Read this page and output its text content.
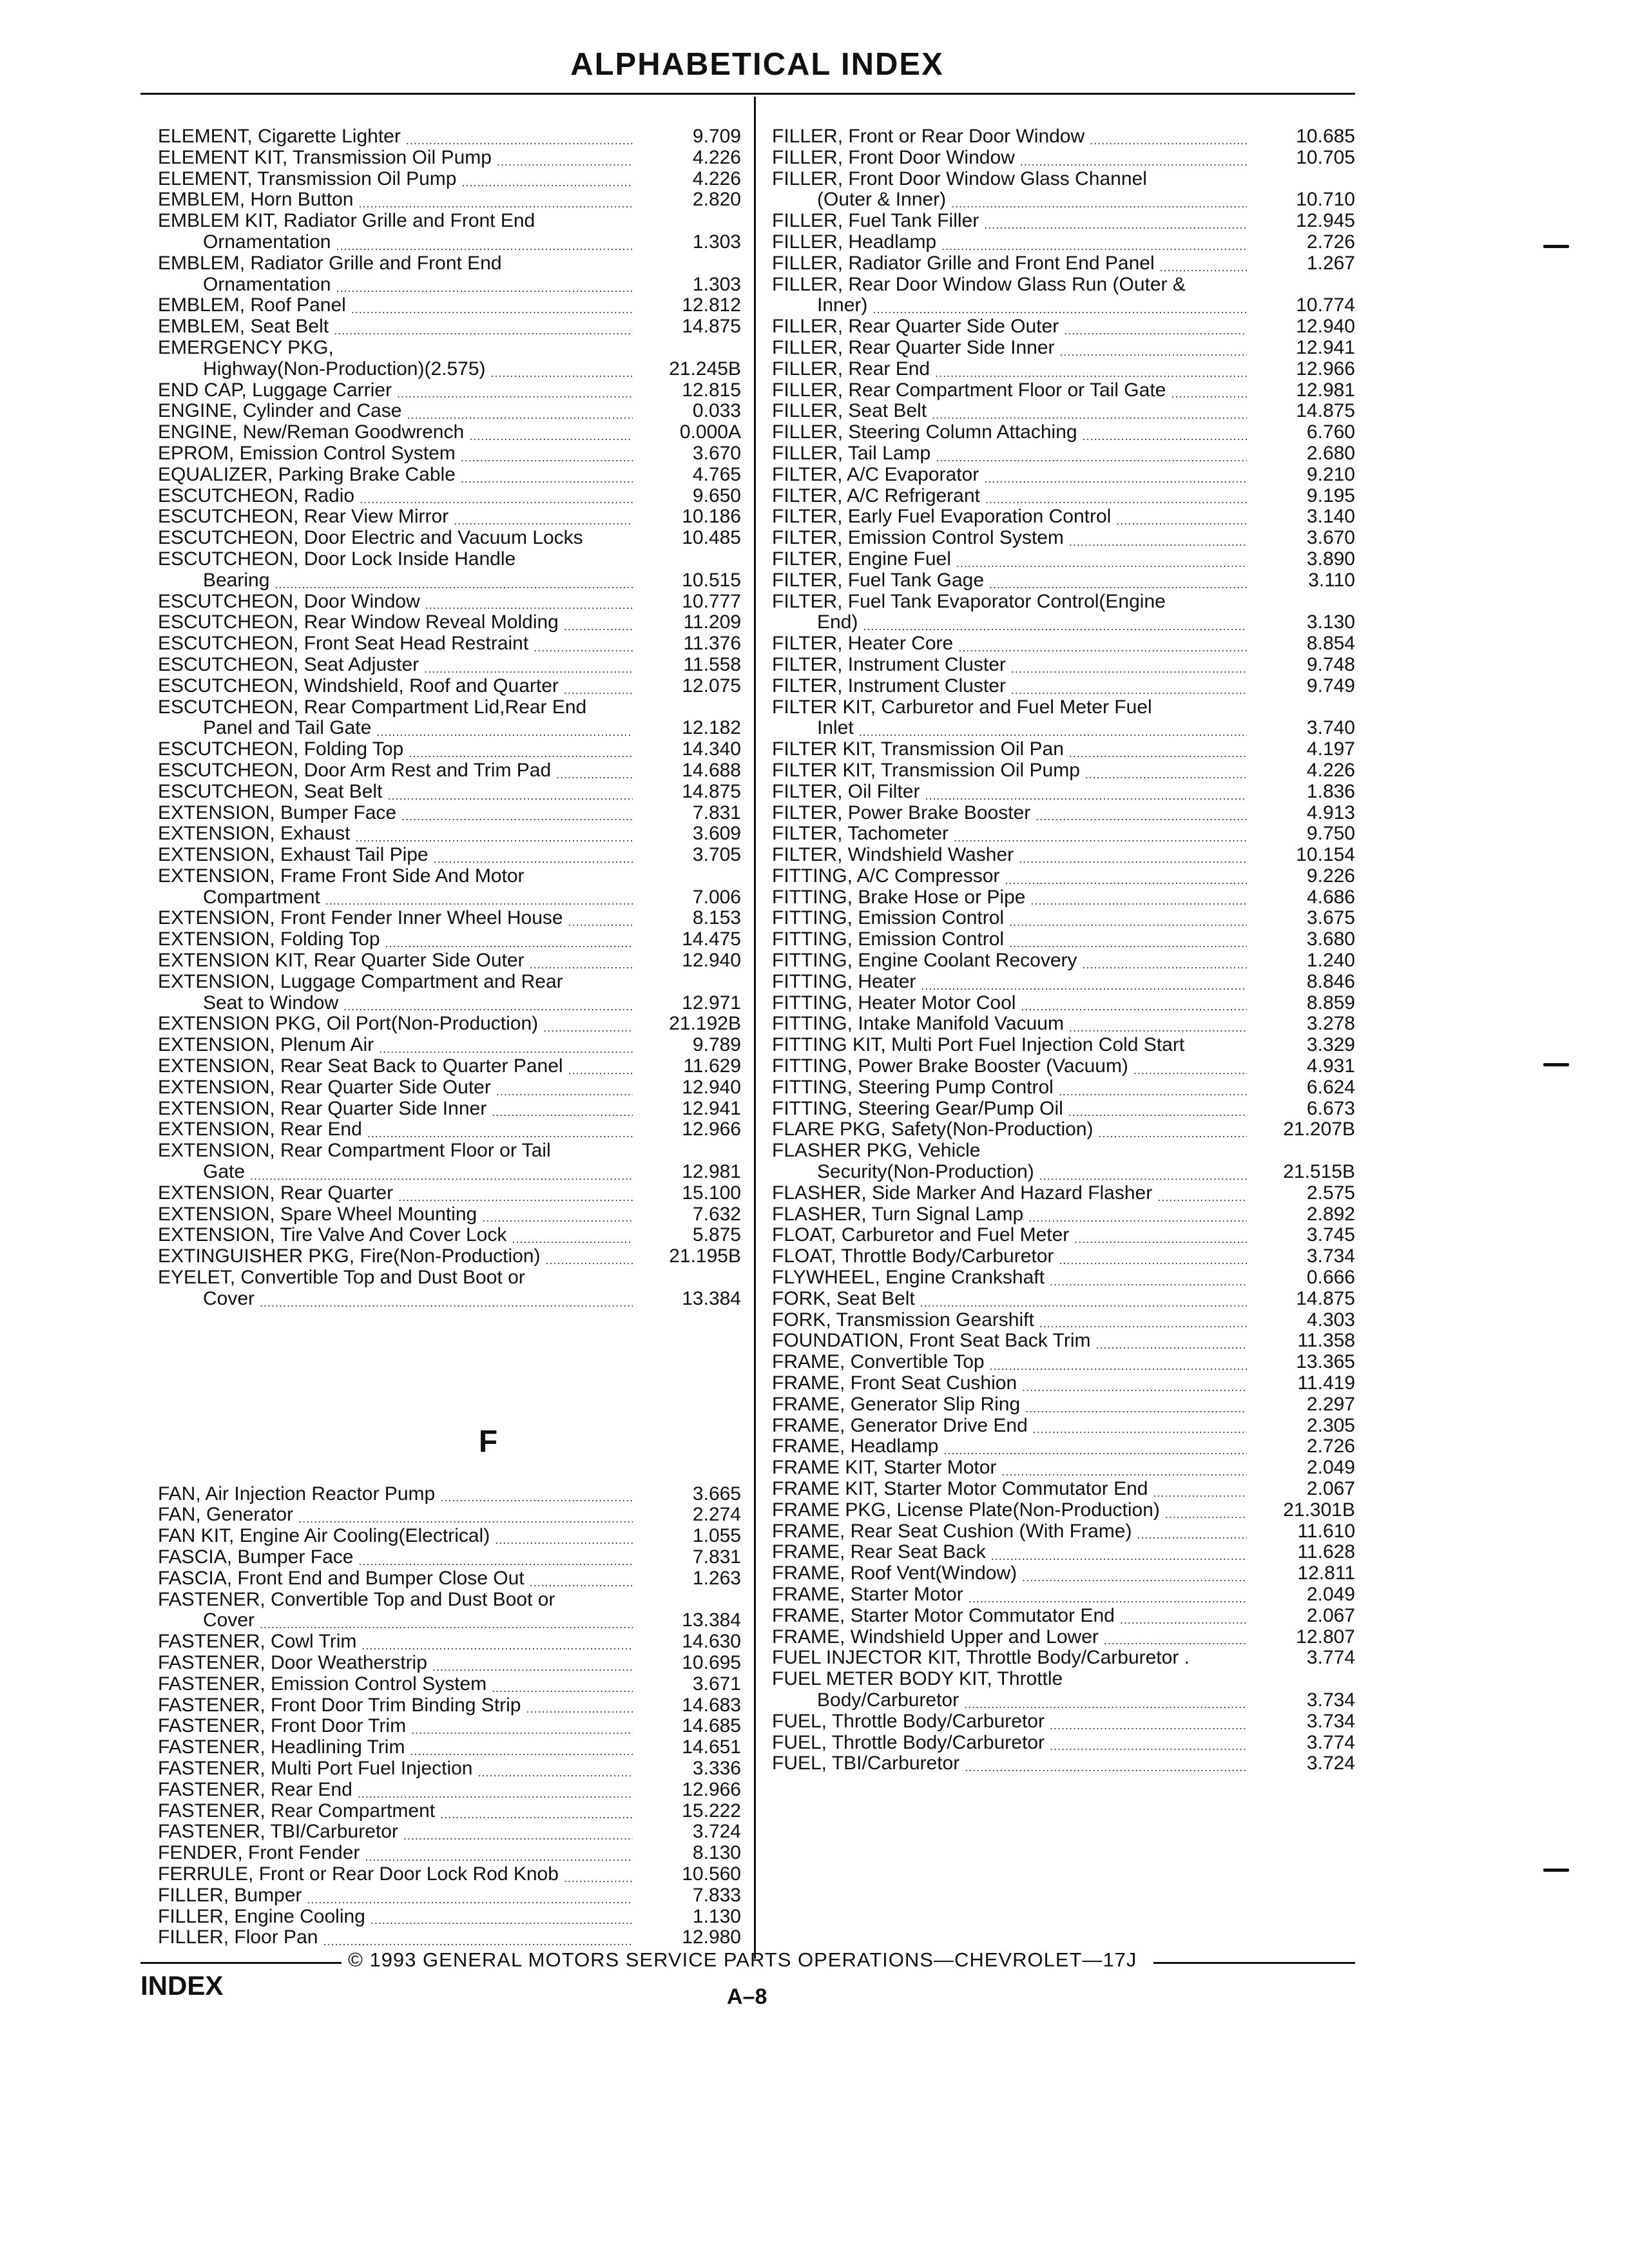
ALPHABETICAL INDEX
ELEMENT, Cigarette Lighter .....	9.709
ELEMENT KIT, Transmission Oil Pump .....	4.226
ELEMENT, Transmission Oil Pump .....	4.226
EMBLEM, Horn Button .....	2.820
EMBLEM KIT, Radiator Grille and Front End
Ornamentation .....	1.303
EMBLEM, Radiator Grille and Front End
Ornamentation .....	1.303
EMBLEM, Roof Panel .....	12.812
EMBLEM, Seat Belt .....	14.875
EMERGENCY PKG,
Highway(Non-Production)(2.575) .....	21.245B
END CAP, Luggage Carrier .....	12.815
ENGINE, Cylinder and Case .....	0.033
ENGINE, New/Reman Goodwrench .....	0.000A
EPROM, Emission Control System .....	3.670
EQUALIZER, Parking Brake Cable .....	4.765
ESCUTCHEON, Radio .....	9.650
ESCUTCHEON, Rear View Mirror .....	10.186
ESCUTCHEON, Door Electric and Vacuum Locks	10.485
ESCUTCHEON, Door Lock Inside Handle
Bearing .....	10.515
ESCUTCHEON, Door Window .....	10.777
ESCUTCHEON, Rear Window Reveal Molding .....	11.209
ESCUTCHEON, Front Seat Head Restraint .....	11.376
ESCUTCHEON, Seat Adjuster .....	11.558
ESCUTCHEON, Windshield, Roof and Quarter .....	12.075
ESCUTCHEON, Rear Compartment Lid,Rear End
Panel and Tail Gate .....	12.182
ESCUTCHEON, Folding Top .....	14.340
ESCUTCHEON, Door Arm Rest and Trim Pad .....	14.688
ESCUTCHEON, Seat Belt .....	14.875
EXTENSION, Bumper Face .....	7.831
EXTENSION, Exhaust .....	3.609
EXTENSION, Exhaust Tail Pipe .....	3.705
EXTENSION, Frame Front Side And Motor
Compartment .....	7.006
EXTENSION, Front Fender Inner Wheel House .....	8.153
EXTENSION, Folding Top .....	14.475
EXTENSION KIT, Rear Quarter Side Outer .....	12.940
EXTENSION, Luggage Compartment and Rear
Seat to Window .....	12.971
EXTENSION PKG, Oil Port(Non-Production) .....	21.192B
EXTENSION, Plenum Air .....	9.789
EXTENSION, Rear Seat Back to Quarter Panel .....	11.629
EXTENSION, Rear Quarter Side Outer .....	12.940
EXTENSION, Rear Quarter Side Inner .....	12.941
EXTENSION, Rear End .....	12.966
EXTENSION, Rear Compartment Floor or Tail
Gate .....	12.981
EXTENSION, Rear Quarter .....	15.100
EXTENSION, Spare Wheel Mounting .....	7.632
EXTENSION, Tire Valve And Cover Lock .....	5.875
EXTINGUISHER PKG, Fire(Non-Production) .....	21.195B
EYELET, Convertible Top and Dust Boot or
Cover .....	13.384
F
FAN, Air Injection Reactor Pump .....	3.665
FAN, Generator .....	2.274
FAN KIT, Engine Air Cooling(Electrical) .....	1.055
FASCIA, Bumper Face .....	7.831
FASCIA, Front End and Bumper Close Out .....	1.263
FASTENER, Convertible Top and Dust Boot or
Cover .....	13.384
FASTENER, Cowl Trim .....	14.630
FASTENER, Door Weatherstrip .....	10.695
FASTENER, Emission Control System .....	3.671
FASTENER, Front Door Trim Binding Strip .....	14.683
FASTENER, Front Door Trim .....	14.685
FASTENER, Headlining Trim .....	14.651
FASTENER, Multi Port Fuel Injection .....	3.336
FASTENER, Rear End .....	12.966
FASTENER, Rear Compartment .....	15.222
FASTENER, TBI/Carburetor .....	3.724
FENDER, Front Fender .....	8.130
FERRULE, Front or Rear Door Lock Rod Knob .....	10.560
FILLER, Bumper .....	7.833
FILLER, Engine Cooling .....	1.130
FILLER, Floor Pan .....	12.980
FILLER, Front or Rear Door Window .....	10.685
FILLER, Front Door Window .....	10.705
FILLER, Front Door Window Glass Channel
(Outer & Inner) .....	10.710
FILLER, Fuel Tank Filler .....	12.945
FILLER, Headlamp .....	2.726
FILLER, Radiator Grille and Front End Panel .....	1.267
FILLER, Rear Door Window Glass Run (Outer &
Inner) .....	10.774
FILLER, Rear Quarter Side Outer .....	12.940
FILLER, Rear Quarter Side Inner .....	12.941
FILLER, Rear End .....	12.966
FILLER, Rear Compartment Floor or Tail Gate .....	12.981
FILLER, Seat Belt .....	14.875
FILLER, Steering Column Attaching .....	6.760
FILLER, Tail Lamp .....	2.680
FILTER, A/C Evaporator .....	9.210
FILTER, A/C Refrigerant .....	9.195
FILTER, Early Fuel Evaporation Control .....	3.140
FILTER, Emission Control System .....	3.670
FILTER, Engine Fuel .....	3.890
FILTER, Fuel Tank Gage .....	3.110
FILTER, Fuel Tank Evaporator Control(Engine
End) .....	3.130
FILTER, Heater Core .....	8.854
FILTER, Instrument Cluster .....	9.748
FILTER, Instrument Cluster .....	9.749
FILTER KIT, Carburetor and Fuel Meter Fuel
Inlet .....	3.740
FILTER KIT, Transmission Oil Pan .....	4.197
FILTER KIT, Transmission Oil Pump .....	4.226
FILTER, Oil Filter .....	1.836
FILTER, Power Brake Booster .....	4.913
FILTER, Tachometer .....	9.750
FILTER, Windshield Washer .....	10.154
FITTING, A/C Compressor .....	9.226
FITTING, Brake Hose or Pipe .....	4.686
FITTING, Emission Control .....	3.675
FITTING, Emission Control .....	3.680
FITTING, Engine Coolant Recovery .....	1.240
FITTING, Heater .....	8.846
FITTING, Heater Motor Cool .....	8.859
FITTING, Intake Manifold Vacuum .....	3.278
FITTING KIT, Multi Port Fuel Injection Cold Start	3.329
FITTING, Power Brake Booster (Vacuum) .....	4.931
FITTING, Steering Pump Control .....	6.624
FITTING, Steering Gear/Pump Oil .....	6.673
FLARE PKG, Safety(Non-Production) .....	21.207B
FLASHER PKG, Vehicle
Security(Non-Production) .....	21.515B
FLASHER, Side Marker And Hazard Flasher .....	2.575
FLASHER, Turn Signal Lamp .....	2.892
FLOAT, Carburetor and Fuel Meter .....	3.745
FLOAT, Throttle Body/Carburetor .....	3.734
FLYWHEEL, Engine Crankshaft .....	0.666
FORK, Seat Belt .....	14.875
FORK, Transmission Gearshift .....	4.303
FOUNDATION, Front Seat Back Trim .....	11.358
FRAME, Convertible Top .....	13.365
FRAME, Front Seat Cushion .....	11.419
FRAME, Generator Slip Ring .....	2.297
FRAME, Generator Drive End .....	2.305
FRAME, Headlamp .....	2.726
FRAME KIT, Starter Motor .....	2.049
FRAME KIT, Starter Motor Commutator End .....	2.067
FRAME PKG, License Plate(Non-Production) .....	21.301B
FRAME, Rear Seat Cushion (With Frame) .....	11.610
FRAME, Rear Seat Back .....	11.628
FRAME, Roof Vent(Window) .....	12.811
FRAME, Starter Motor .....	2.049
FRAME, Starter Motor Commutator End .....	2.067
FRAME, Windshield Upper and Lower .....	12.807
FUEL INJECTOR KIT, Throttle Body/Carburetor .	3.774
FUEL METER BODY KIT, Throttle
Body/Carburetor .....	3.734
FUEL, Throttle Body/Carburetor .....	3.734
FUEL, Throttle Body/Carburetor .....	3.774
FUEL, TBI/Carburetor .....	3.724
© 1993 GENERAL MOTORS SERVICE PARTS OPERATIONS—CHEVROLET—17J
INDEX	A–8
